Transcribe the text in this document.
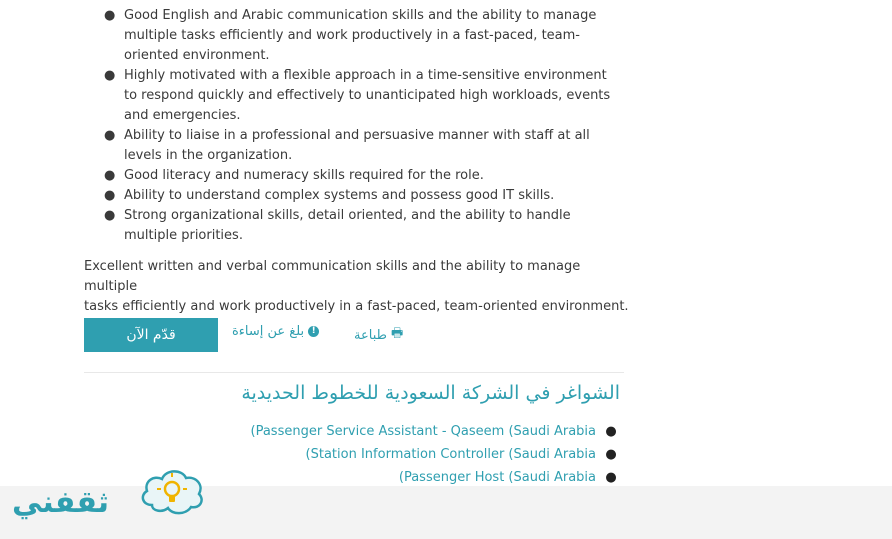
● Good English and Arabic communication skills and the ability to manage
multiple tasks efficiently and work productively in a fast-paced, team-
oriented environment.
● Highly motivated with a flexible approach in a time-sensitive environment
to respond quickly and effectively to unanticipated high workloads, events
and emergencies.
● Ability to liaise in a professional and persuasive manner with staff at all
levels in the organization.
● Good literacy and numeracy skills required for the role.
● Ability to understand complex systems and possess good IT skills.
● Strong organizational skills, detail oriented, and the ability to handle
multiple priorities.

Excellent written and verbal communication skills and the ability to manage multiple
tasks efficiently and work productively in a fast-paced, team-oriented environment.

قدّم الآن	!
بلغ عن إساءة	🖶
طباعة
الشواغر في الشركة السعودية للخطوط الحديدية
(Passenger Service Assistant - Qaseem (Saudi Arabia ●
(Station Information Controller (Saudi Arabia ●
(Passenger Host (Saudi Arabia ●
ثقفني
